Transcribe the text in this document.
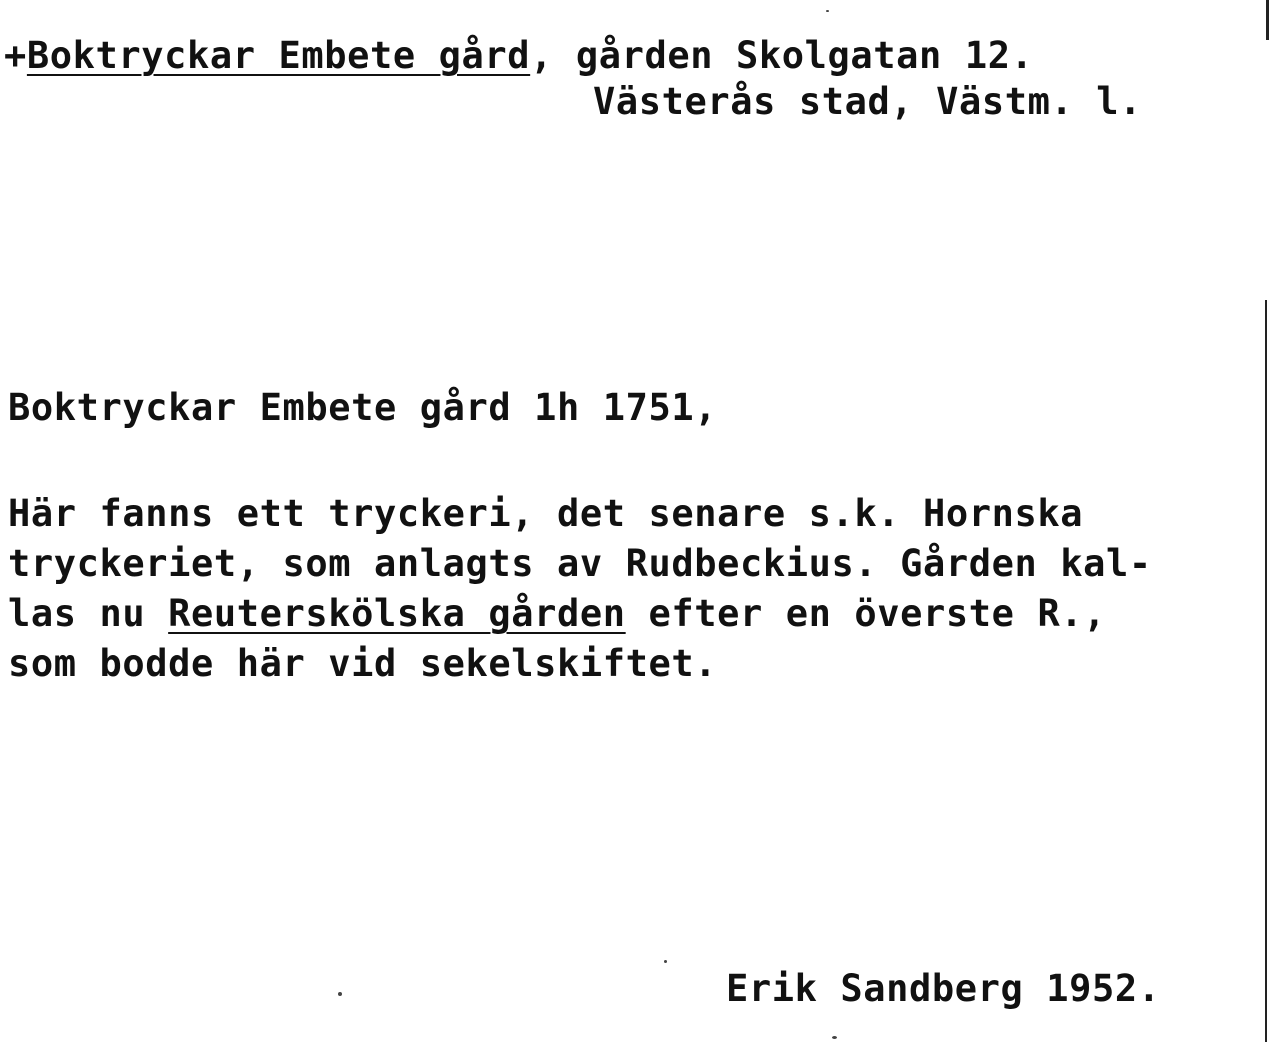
+Boktryckar Embete gård, gården Skolgatan 12.
Västerås stad, Västm. l.
Boktryckar Embete gård 1h 1751,
Här fanns ett tryckeri, det senare s.k. Hornska
tryckeriet, som anlagts av Rudbeckius. Gården kal-
las nu Reuterskölska gården efter en överste R.,
som bodde här vid sekelskiftet.
Erik Sandberg 1952.
